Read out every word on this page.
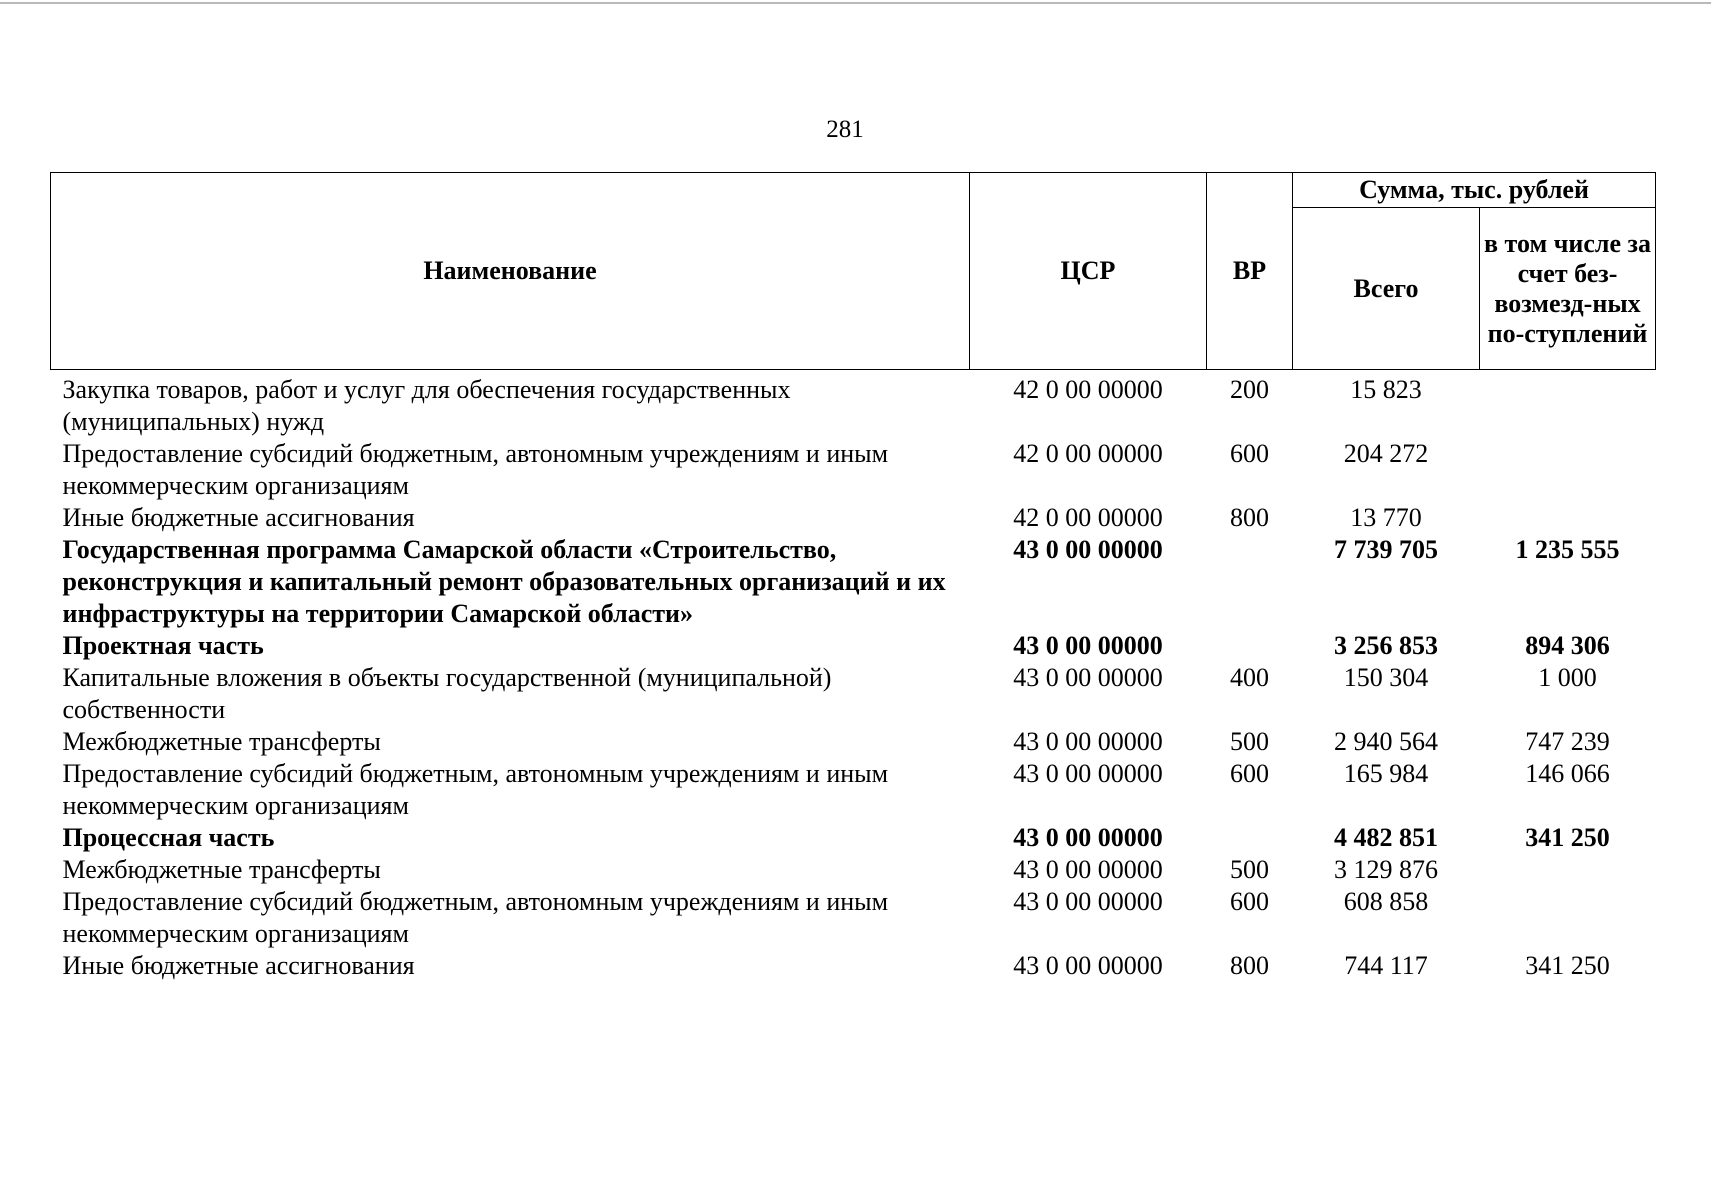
281
Наименование	ЦСР	ВР	Сумма, тыс. рублей	
			Всего	в том числе за счет без-возмезд-ных по-ступлений
Закупка товаров, работ и услуг для обеспечения государственных (муниципальных) нужд	42 0 00 00000	200	15 823	
Предоставление субсидий бюджетным, автономным учреждениям и иным некоммерческим организациям	42 0 00 00000	600	204 272	
Иные бюджетные ассигнования	42 0 00 00000	800	13 770	
Государственная программа Самарской области «Строительство, реконструкция и капитальный ремонт образовательных организаций и их инфраструктуры на территории Самарской области»	43 0 00 00000		7 739 705	1 235 555
Проектная часть	43 0 00 00000		3 256 853	894 306
Капитальные вложения в объекты государственной (муниципальной) собственности	43 0 00 00000	400	150 304	1 000
Межбюджетные трансферты	43 0 00 00000	500	2 940 564	747 239
Предоставление субсидий бюджетным, автономным учреждениям и иным некоммерческим организациям	43 0 00 00000	600	165 984	146 066
Процессная часть	43 0 00 00000		4 482 851	341 250
Межбюджетные трансферты	43 0 00 00000	500	3 129 876	
Предоставление субсидий бюджетным, автономным учреждениям и иным некоммерческим организациям	43 0 00 00000	600	608 858	
Иные бюджетные ассигнования	43 0 00 00000	800	744 117	341 250
